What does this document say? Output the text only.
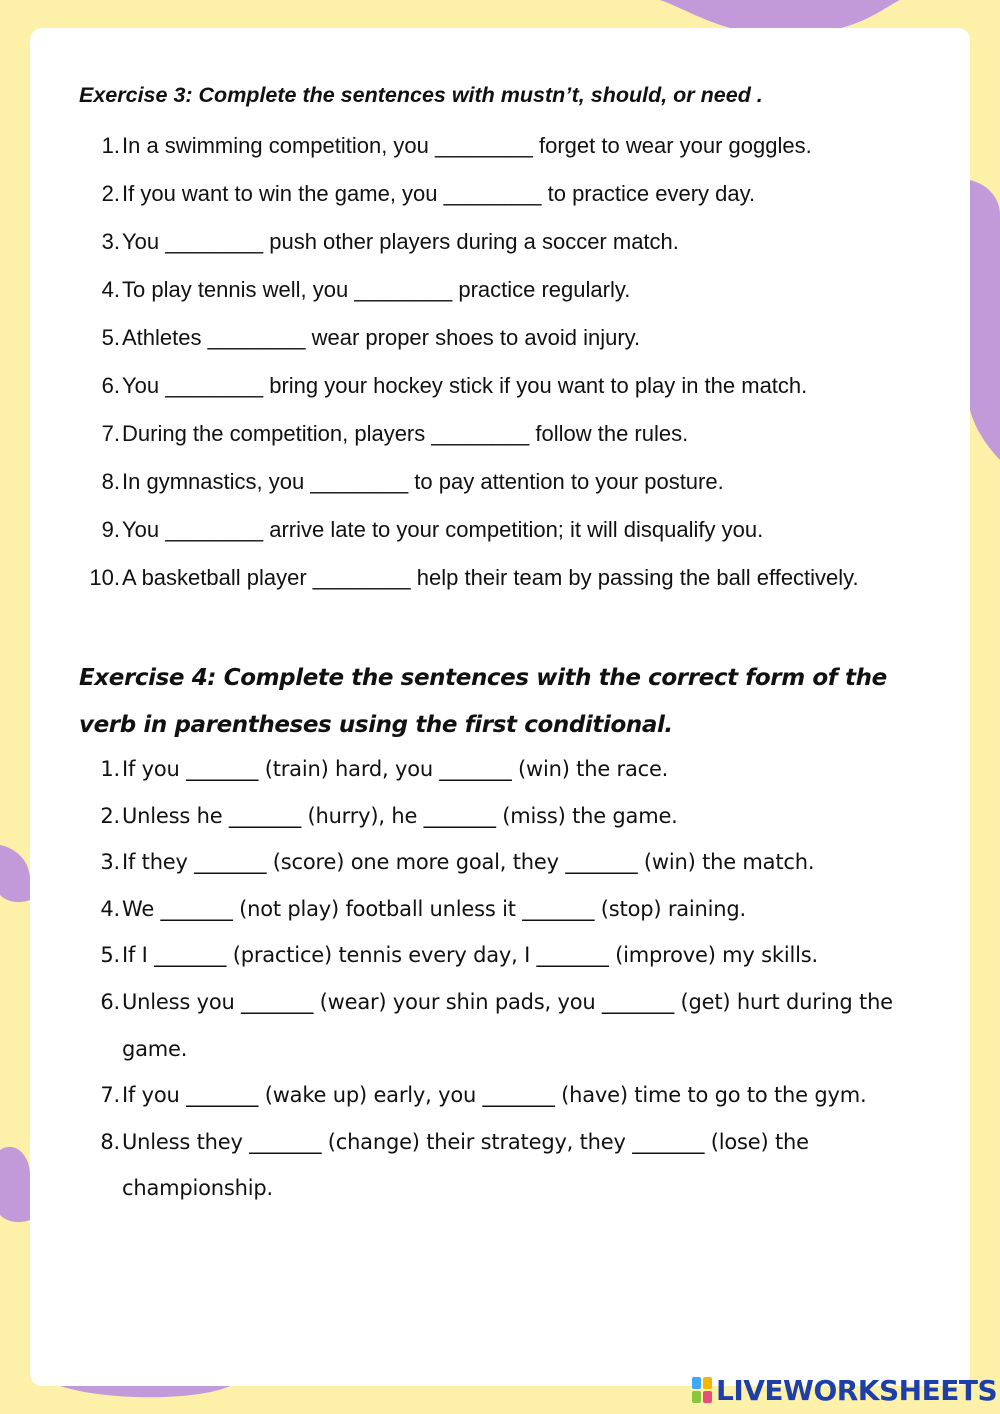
Exercise 3: Complete the sentences with mustn’t, should, or need .
1. In a swimming competition, you ________ forget to wear your goggles.
2. If you want to win the game, you ________ to practice every day.
3. You ________ push other players during a soccer match.
4. To play tennis well, you ________ practice regularly.
5. Athletes ________ wear proper shoes to avoid injury.
6. You ________ bring your hockey stick if you want to play in the match.
7. During the competition, players ________ follow the rules.
8. In gymnastics, you ________ to pay attention to your posture.
9. You ________ arrive late to your competition; it will disqualify you.
10. A basketball player ________ help their team by passing the ball effectively.
Exercise 4: Complete the sentences with the correct form of the verb in parentheses using the first conditional.
1. If you _______ (train) hard, you _______ (win) the race.
2. Unless he _______ (hurry), he _______ (miss) the game.
3. If they _______ (score) one more goal, they _______ (win) the match.
4. We _______ (not play) football unless it _______ (stop) raining.
5. If I _______ (practice) tennis every day, I _______ (improve) my skills.
6. Unless you _______ (wear) your shin pads, you _______ (get) hurt during the game.
7. If you _______ (wake up) early, you _______ (have) time to go to the gym.
8. Unless they _______ (change) their strategy, they _______ (lose) the championship.
LIVEWORKSHEETS
